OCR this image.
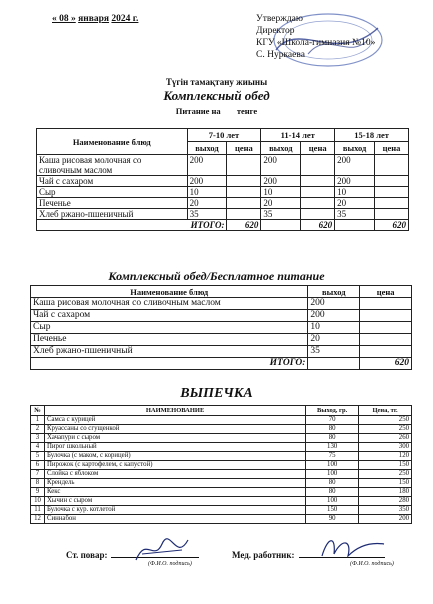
« 08 » января 2024 г.	Утверждаю
Директор
КГУ «Школа-гимназия №10»
С. Нуркаева
Түгін тамақтану жиыны
Комплексный обед
Питание на тенге
Наименование блюд	7-10 лет		11-14 лет		15-18 лет	
	выход	цена	выход	цена	выход	цена
Каша рисовая молочная со сливочным маслом	200		200		200	
Чай с сахаром	200		200		200	
Сыр	10		10		10	
Печенье	20		20		20	
Хлеб ржано-пшеничный	35		35		35	
ИТОГО:		620		620		620
Комплексный обед/Бесплатное питание
Наименование блюд	выход	цена
Каша рисовая молочная со сливочным маслом	200	
Чай с сахаром	200	
Сыр	10	
Печенье	20	
Хлеб ржано-пшеничный	35	
ИТОГО:		620
ВЫПЕЧКА
№	НАИМЕНОВАНИЕ	Выход, гр.	Цена, тг.
1	Самса с курицей	70	250
2	Круассаны со сгущенкой	80	250
3	Хачапури с сыром	80	260
4	Пирог школьный	130	300
5	Булочка (с маком, с корицей)	75	120
6	Пирожок (с картофелем, с капустой)	100	150
7	Слойка с яблоком	100	250
8	Крендель	80	150
9	Кекс	80	180
10	Хычин с сыром	100	280
11	Булочка с кур. котлетой	150	350
12	Синнабон	90	200
Ст. повар:
(Ф.И.О. подпись)
Мед. работник:
(Ф.И.О. подпись)
